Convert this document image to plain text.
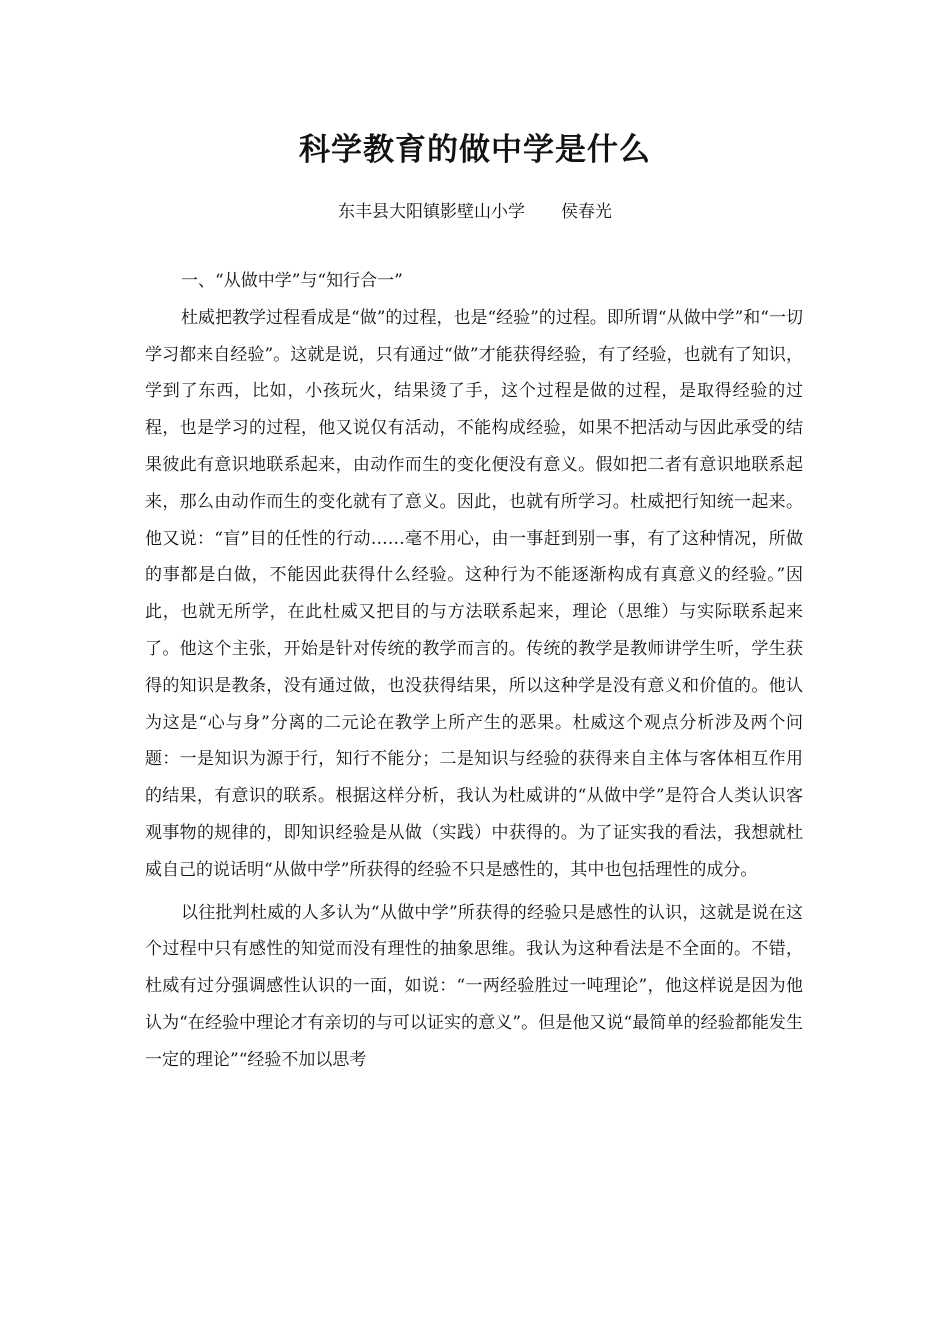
科学教育的做中学是什么
东丰县大阳镇影壁山小学 侯春光

一、“从做中学”与“知行合一”

杜威把教学过程看成是“做”的过程，也是“经验”的过程。即所谓“从做中学”和“一切学习都来自经验”。这就是说，只有通过“做”才能获得经验，有了经验，也就有了知识，学到了东西，比如，小孩玩火，结果烫了手，这个过程是做的过程，是取得经验的过程，也是学习的过程，他又说仅有活动，不能构成经验，如果不把活动与因此承受的结果彼此有意识地联系起来，由动作而生的变化便没有意义。假如把二者有意识地联系起来，那么由动作而生的变化就有了意义。因此，也就有所学习。杜威把行知统一起来。他又说：“盲”目的任性的行动……毫不用心，由一事赶到别一事，有了这种情况，所做的事都是白做，不能因此获得什么经验。这种行为不能逐渐构成有真意义的经验。”因此，也就无所学，在此杜威又把目的与方法联系起来，理论（思维）与实际联系起来了。他这个主张，开始是针对传统的教学而言的。传统的教学是教师讲学生听，学生获得的知识是教条，没有通过做，也没获得结果，所以这种学是没有意义和价值的。他认为这是“心与身”分离的二元论在教学上所产生的恶果。杜威这个观点分析涉及两个问题：一是知识为源于行，知行不能分；二是知识与经验的获得来自主体与客体相互作用的结果，有意识的联系。根据这样分析，我认为杜威讲的“从做中学”是符合人类认识客观事物的规律的，即知识经验是从做（实践）中获得的。为了证实我的看法，我想就杜威自己的说话明“从做中学”所获得的经验不只是感性的，其中也包括理性的成分。

以往批判杜威的人多认为“从做中学”所获得的经验只是感性的认识，这就是说在这个过程中只有感性的知觉而没有理性的抽象思维。我认为这种看法是不全面的。不错，杜威有过分强调感性认识的一面，如说：“一两经验胜过一吨理论”，他这样说是因为他认为“在经验中理论才有亲切的与可以证实的意义”。但是他又说“最简单的经验都能发生一定的理论”“经验不加以思考
